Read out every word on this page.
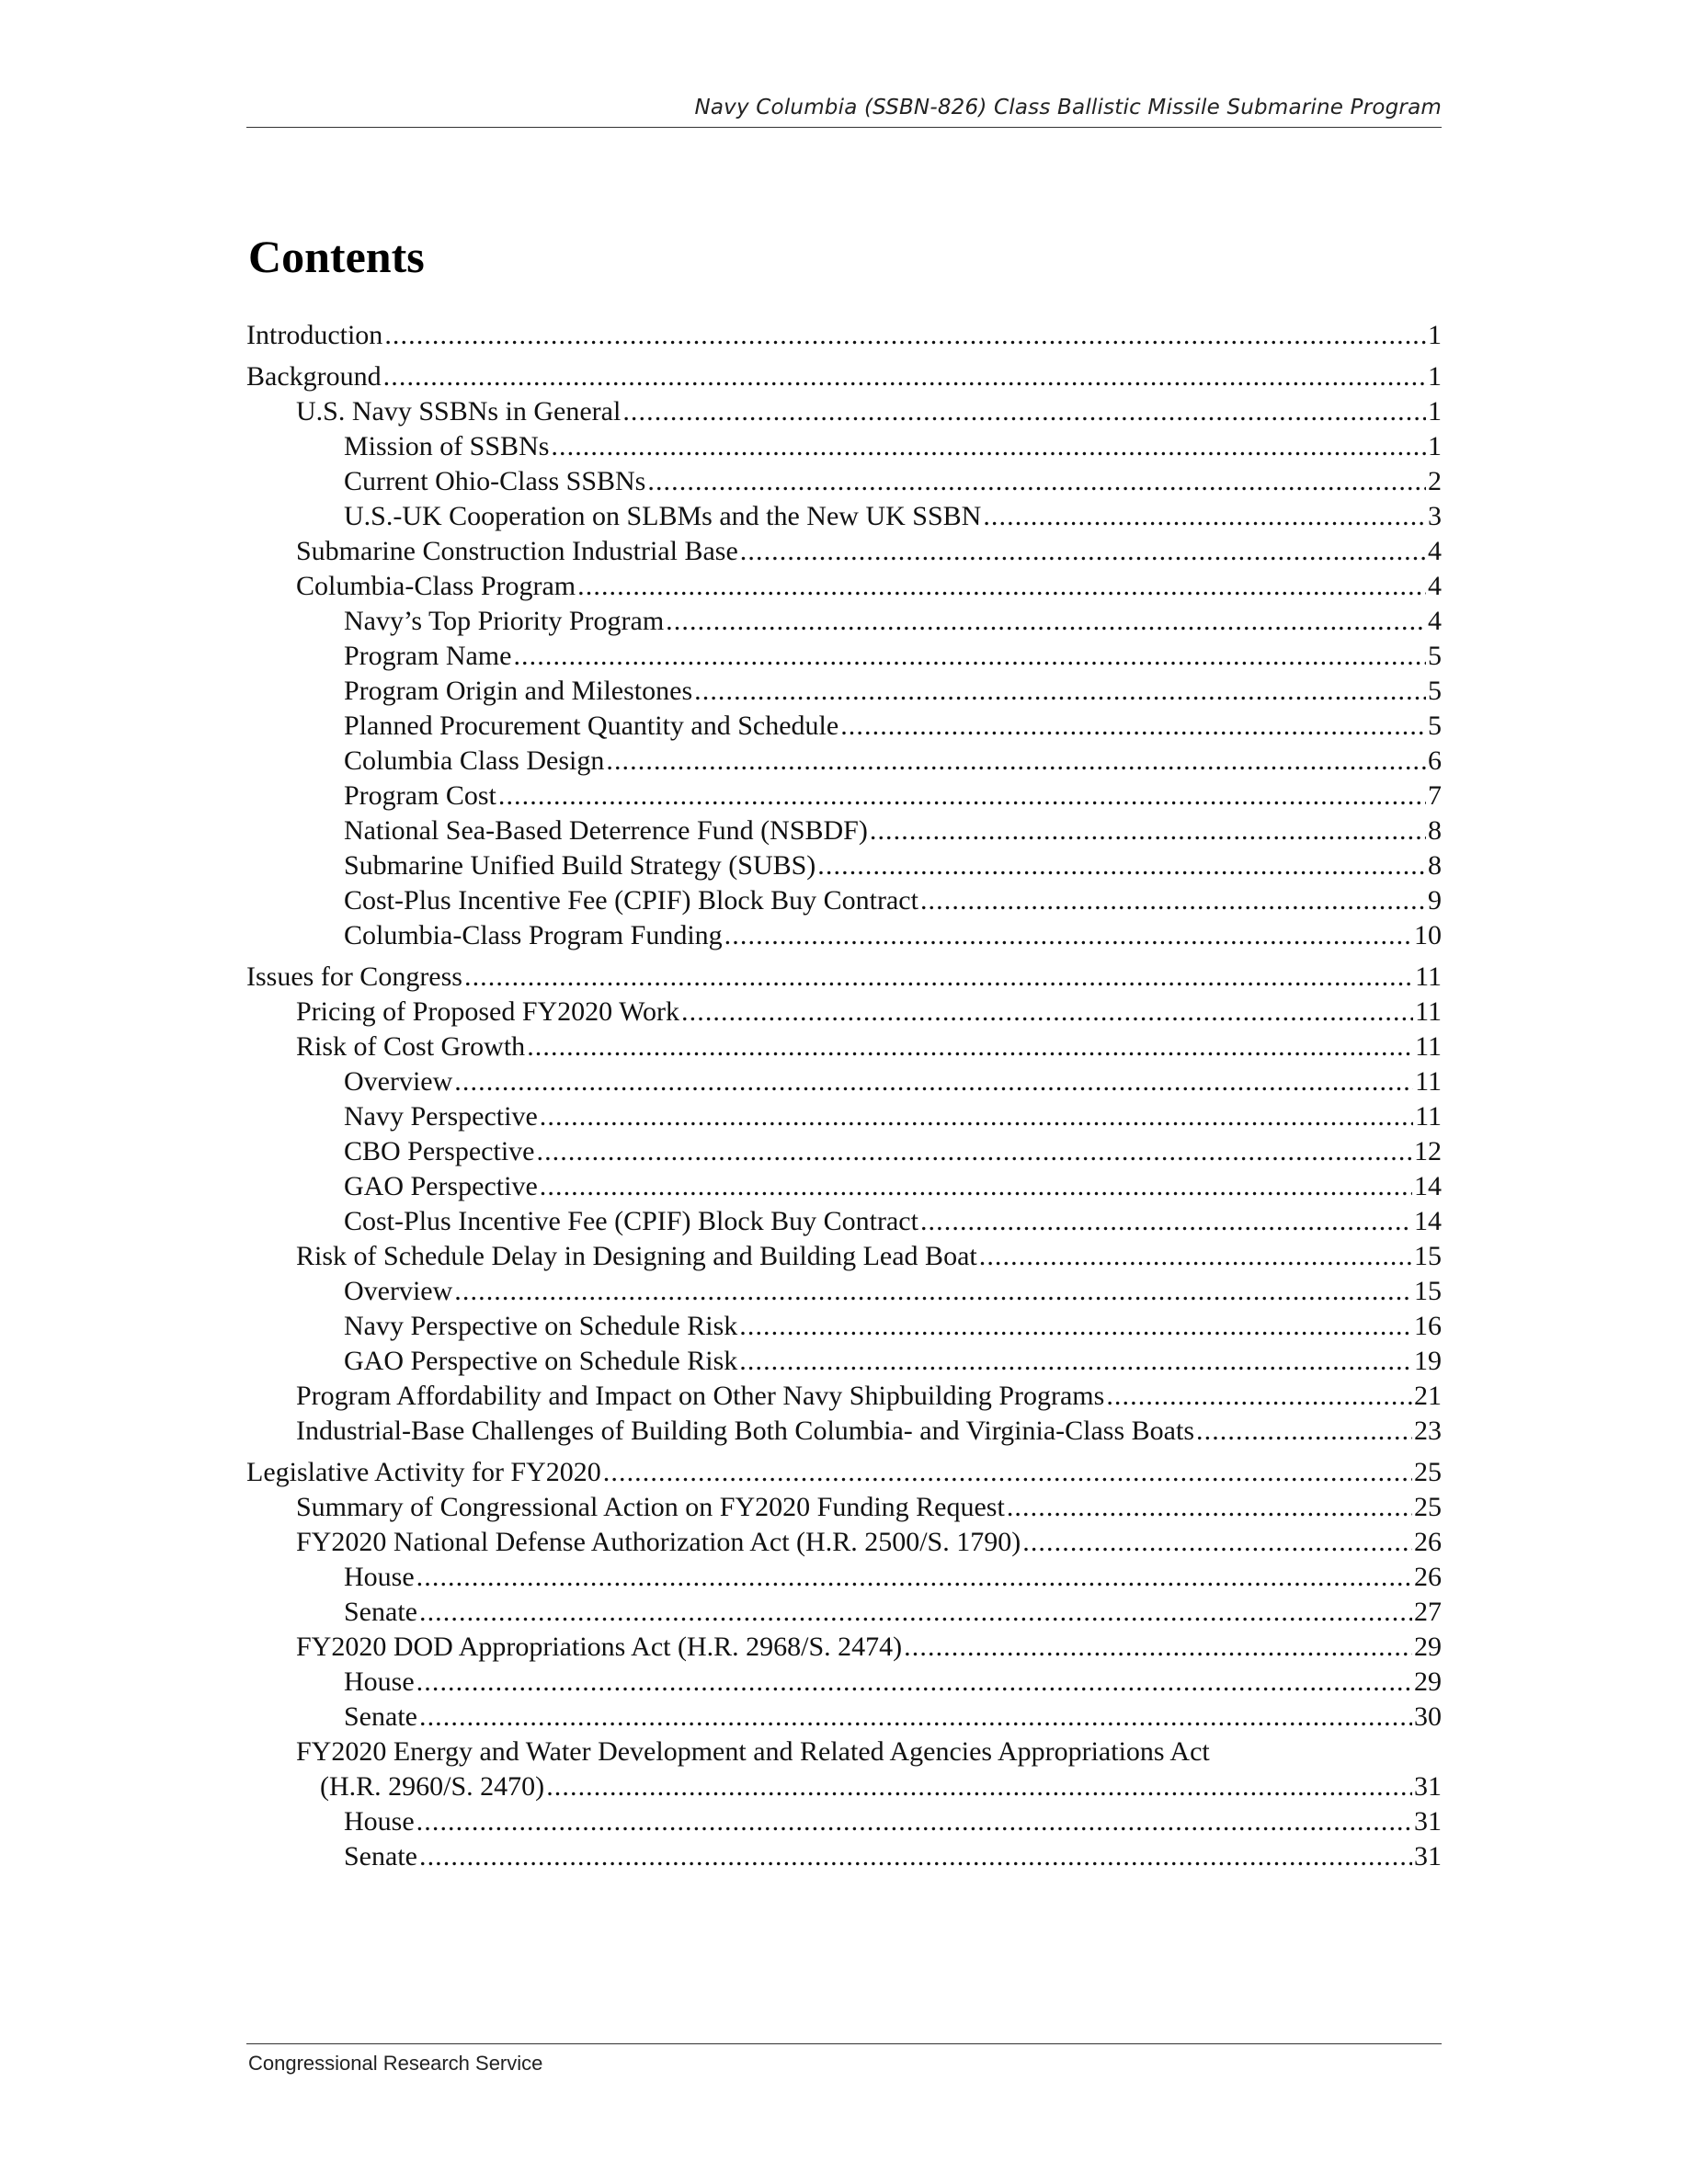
Navy Columbia (SSBN-826) Class Ballistic Missile Submarine Program
Contents
Introduction .....	1
Background .....	1
U.S. Navy SSBNs in General .....	1
Mission of SSBNs .....	1
Current Ohio-Class SSBNs .....	2
U.S.-UK Cooperation on SLBMs and the New UK SSBN .....	3
Submarine Construction Industrial Base .....	4
Columbia-Class Program .....	4
Navy’s Top Priority Program .....	4
Program Name .....	5
Program Origin and Milestones .....	5
Planned Procurement Quantity and Schedule .....	5
Columbia Class Design .....	6
Program Cost .....	7
National Sea-Based Deterrence Fund (NSBDF) .....	8
Submarine Unified Build Strategy (SUBS) .....	8
Cost-Plus Incentive Fee (CPIF) Block Buy Contract .....	9
Columbia-Class Program Funding .....	10
Issues for Congress .....	11
Pricing of Proposed FY2020 Work .....	11
Risk of Cost Growth .....	11
Overview .....	11
Navy Perspective .....	11
CBO Perspective .....	12
GAO Perspective .....	14
Cost-Plus Incentive Fee (CPIF) Block Buy Contract .....	14
Risk of Schedule Delay in Designing and Building Lead Boat .....	15
Overview .....	15
Navy Perspective on Schedule Risk .....	16
GAO Perspective on Schedule Risk .....	19
Program Affordability and Impact on Other Navy Shipbuilding Programs .....	21
Industrial-Base Challenges of Building Both Columbia- and Virginia-Class Boats .....	23
Legislative Activity for FY2020 .....	25
Summary of Congressional Action on FY2020 Funding Request .....	25
FY2020 National Defense Authorization Act (H.R. 2500/S. 1790) .....	26
House .....	26
Senate .....	27
FY2020 DOD Appropriations Act (H.R. 2968/S. 2474) .....	29
House .....	29
Senate .....	30
FY2020 Energy and Water Development and Related Agencies Appropriations Act
(H.R. 2960/S. 2470) .....	31
House .....	31
Senate .....	31
Congressional Research Service
